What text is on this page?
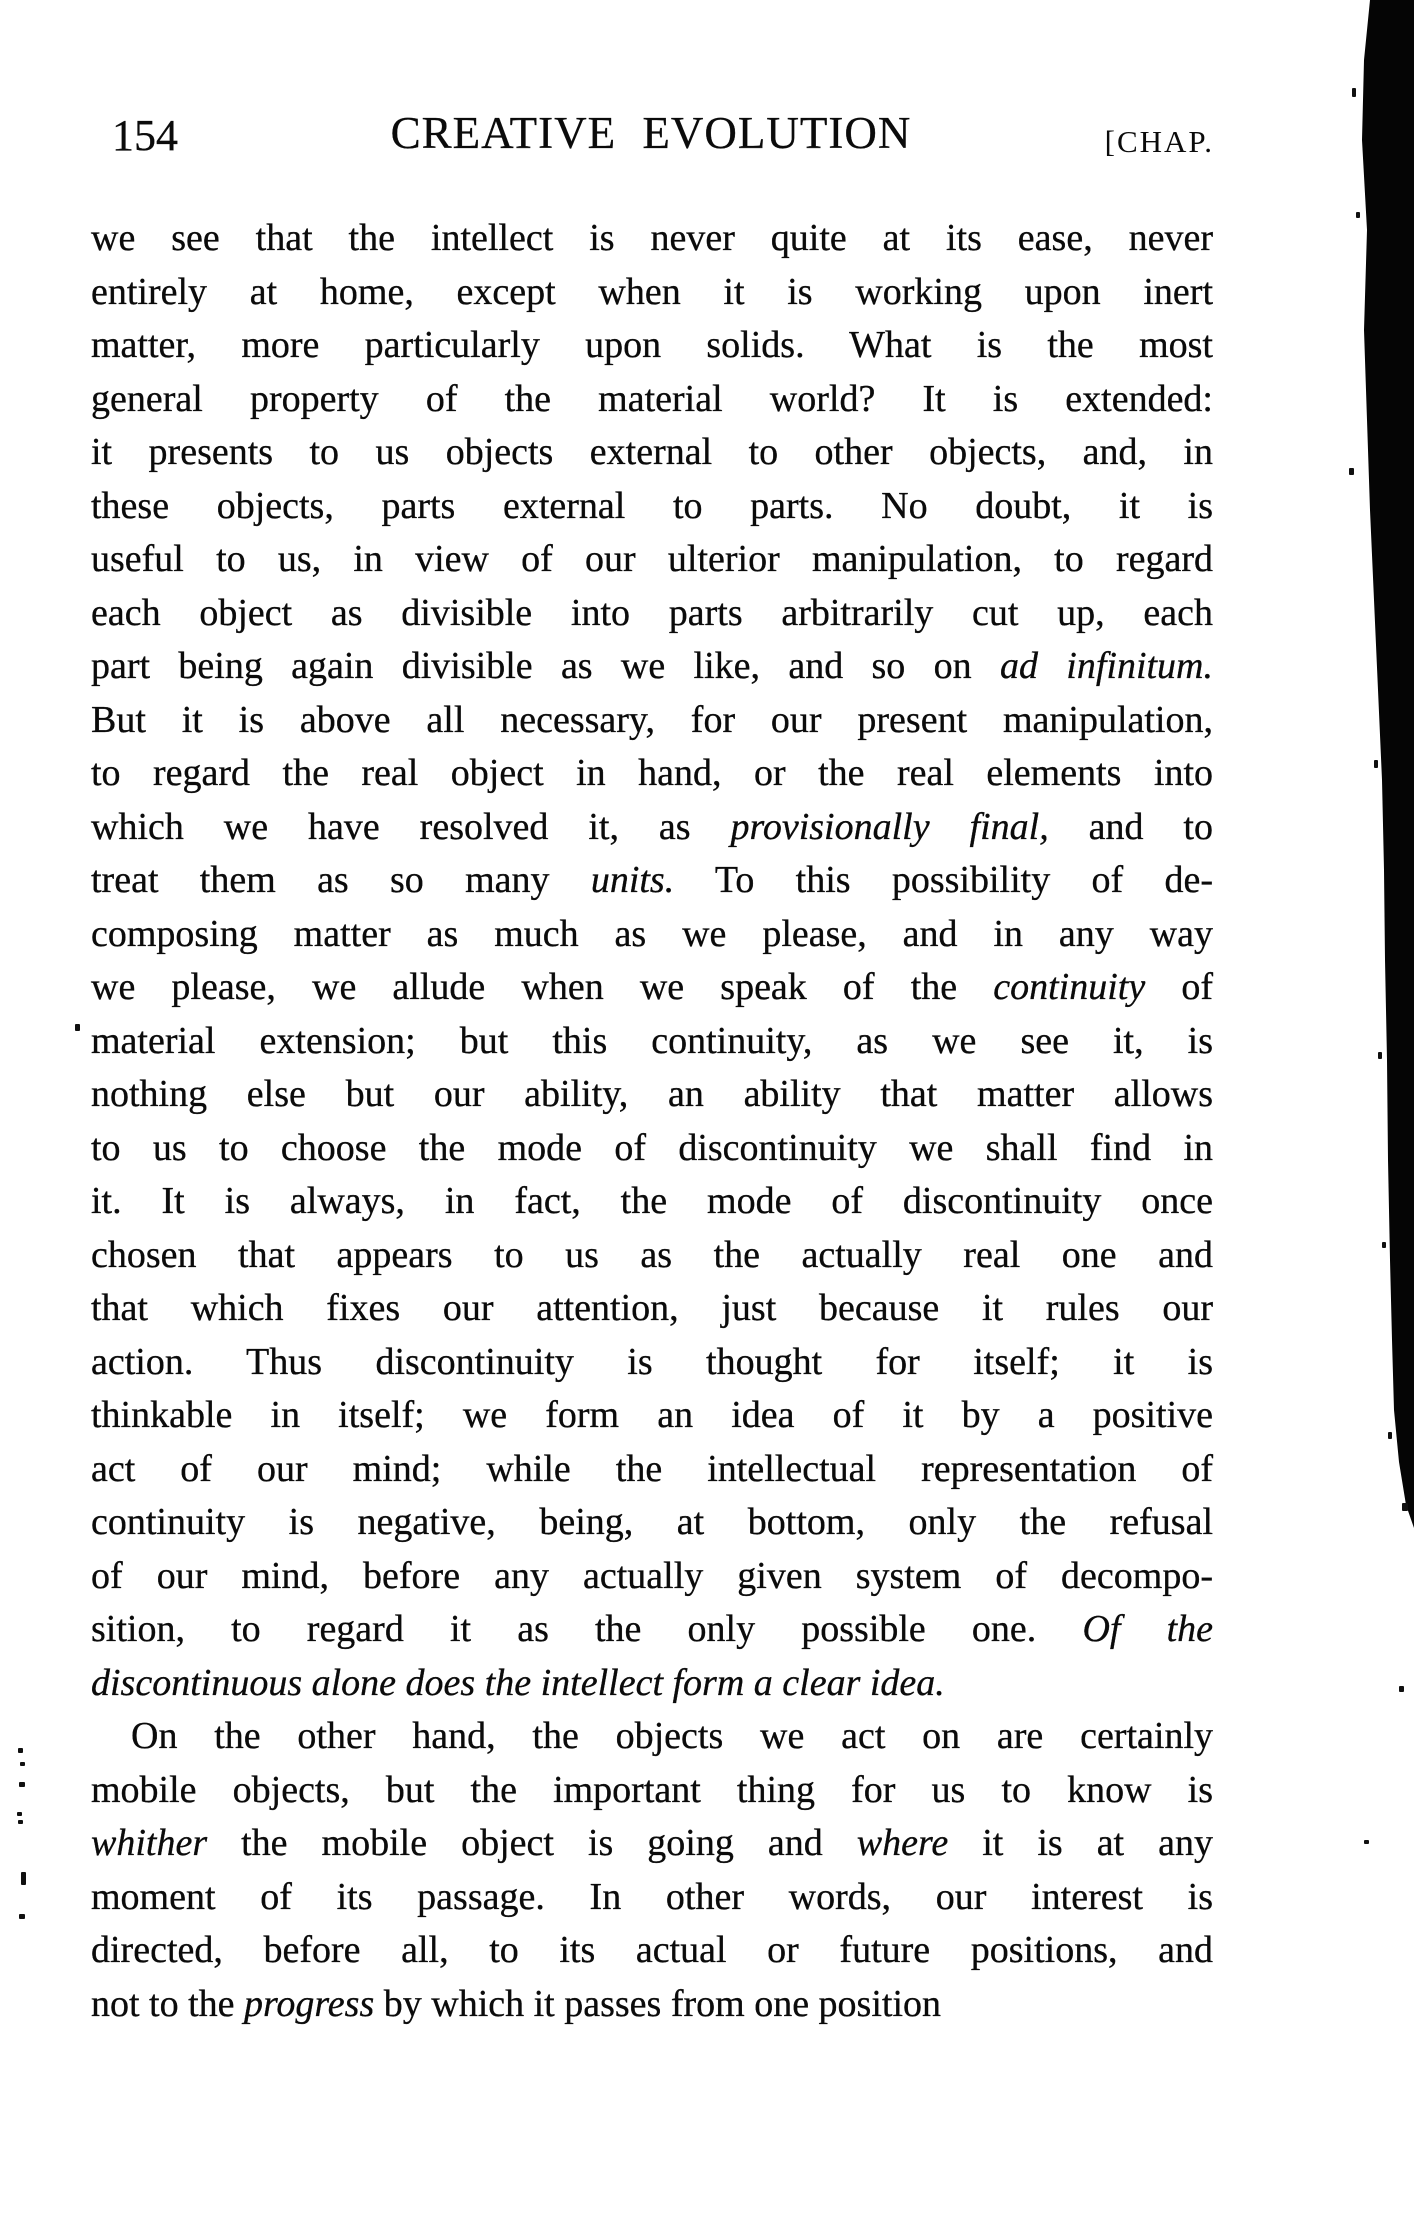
154	CREATIVE EVOLUTION	[CHAP.
we see that the intellect is never quite at its ease, never
entirely at home, except when it is working upon inert
matter, more particularly upon solids. What is the most
general property of the material world? It is extended:
it presents to us objects external to other objects, and, in
these objects, parts external to parts. No doubt, it is
useful to us, in view of our ulterior manipulation, to regard
each object as divisible into parts arbitrarily cut up, each
part being again divisible as we like, and so on ad infinitum.
But it is above all necessary, for our present manipulation,
to regard the real object in hand, or the real elements into
which we have resolved it, as provisionally final, and to
treat them as so many units. To this possibility of de-
composing matter as much as we please, and in any way
we please, we allude when we speak of the continuity of
material extension; but this continuity, as we see it, is
nothing else but our ability, an ability that matter allows
to us to choose the mode of discontinuity we shall find in
it. It is always, in fact, the mode of discontinuity once
chosen that appears to us as the actually real one and
that which fixes our attention, just because it rules our
action. Thus discontinuity is thought for itself; it is
thinkable in itself; we form an idea of it by a positive
act of our mind; while the intellectual representation of
continuity is negative, being, at bottom, only the refusal
of our mind, before any actually given system of decompo-
sition, to regard it as the only possible one. Of the
discontinuous alone does the intellect form a clear idea.
On the other hand, the objects we act on are certainly
mobile objects, but the important thing for us to know is
whither the mobile object is going and where it is at any
moment of its passage. In other words, our interest is
directed, before all, to its actual or future positions, and
not to the progress by which it passes from one position
